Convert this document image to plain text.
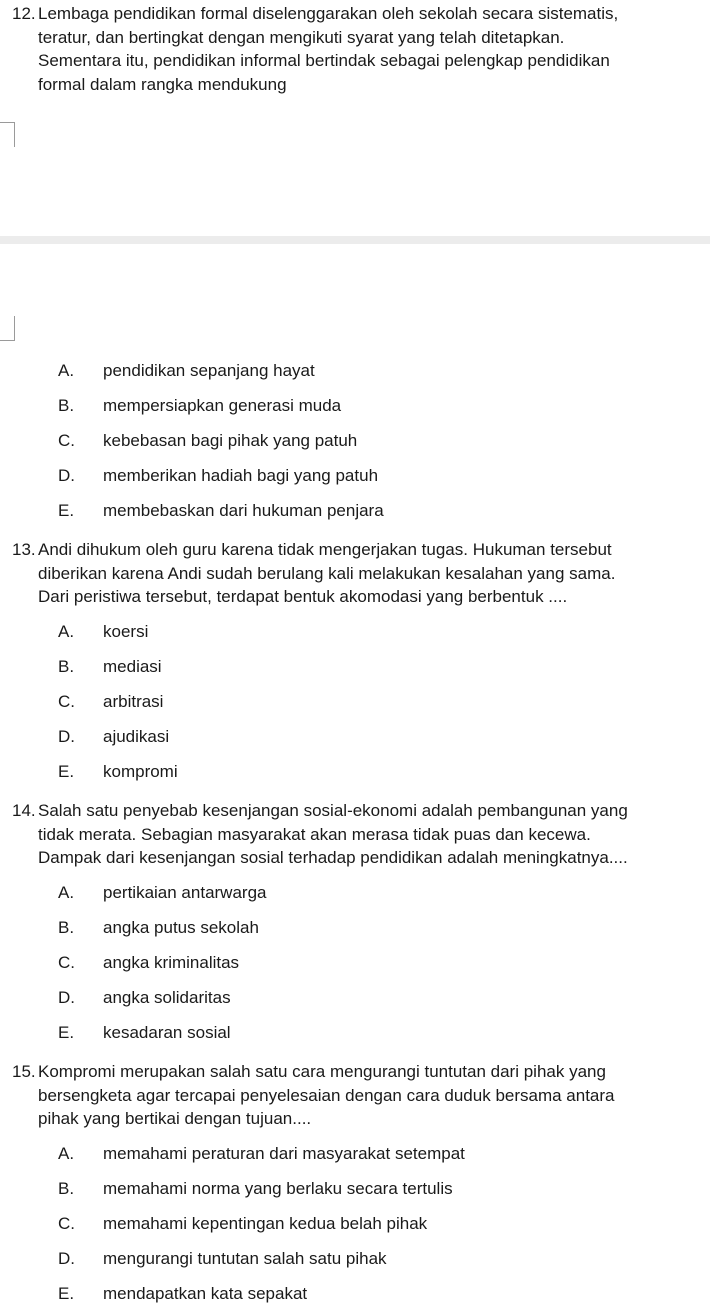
12. Lembaga pendidikan formal diselenggarakan oleh sekolah secara sistematis,
teratur, dan bertingkat dengan mengikuti syarat yang telah ditetapkan.
Sementara itu, pendidikan informal bertindak sebagai pelengkap pendidikan
formal dalam rangka mendukung
A. pendidikan sepanjang hayat
B. mempersiapkan generasi muda
C. kebebasan bagi pihak yang patuh
D. memberikan hadiah bagi yang patuh
E. membebaskan dari hukuman penjara
13. Andi dihukum oleh guru karena tidak mengerjakan tugas. Hukuman tersebut
diberikan karena Andi sudah berulang kali melakukan kesalahan yang sama.
Dari peristiwa tersebut, terdapat bentuk akomodasi yang berbentuk ....
A. koersi
B. mediasi
C. arbitrasi
D. ajudikasi
E. kompromi
14. Salah satu penyebab kesenjangan sosial-ekonomi adalah pembangunan yang
tidak merata. Sebagian masyarakat akan merasa tidak puas dan kecewa.
Dampak dari kesenjangan sosial terhadap pendidikan adalah meningkatnya....
A. pertikaian antarwarga
B. angka putus sekolah
C. angka kriminalitas
D. angka solidaritas
E. kesadaran sosial
15. Kompromi merupakan salah satu cara mengurangi tuntutan dari pihak yang
bersengketa agar tercapai penyelesaian dengan cara duduk bersama antara
pihak yang bertikai dengan tujuan....
A. memahami peraturan dari masyarakat setempat
B. memahami norma yang berlaku secara tertulis
C. memahami kepentingan kedua belah pihak
D. mengurangi tuntutan salah satu pihak
E. mendapatkan kata sepakat
